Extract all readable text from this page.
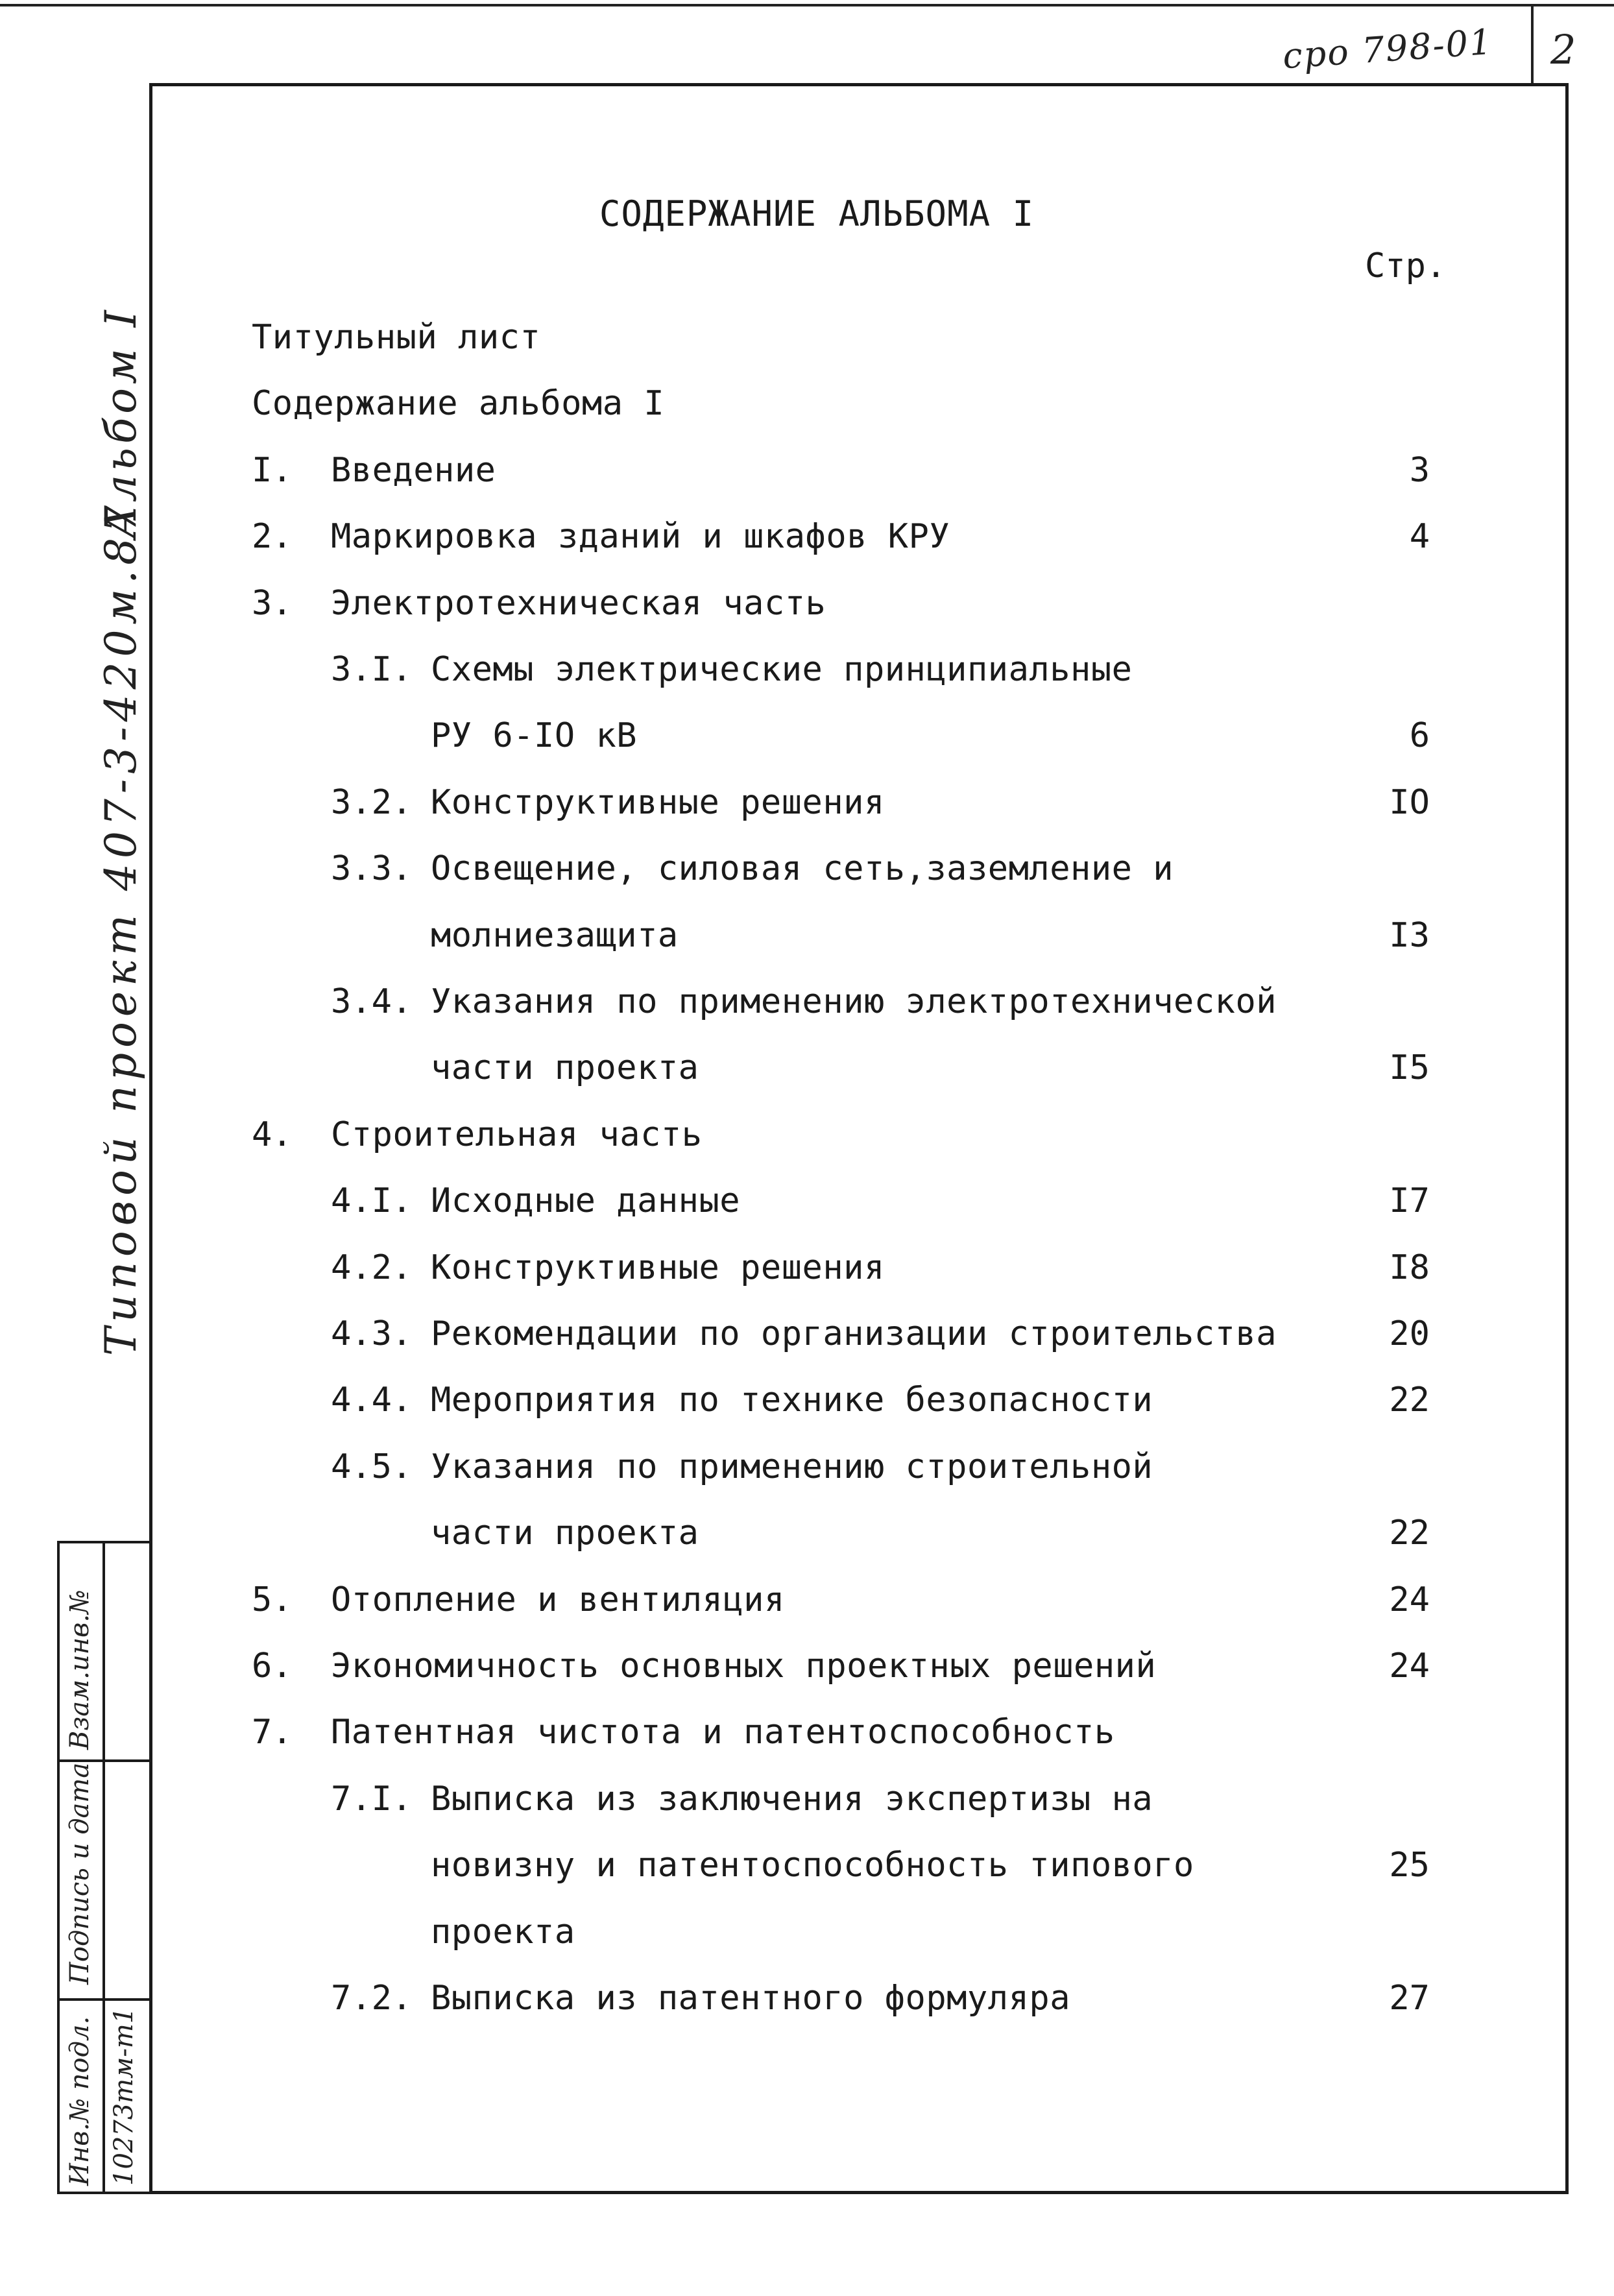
сро 798-01 2
Типовой проект 407-3-420м.87
Альбом I
Взам.инв.№
Подпись и дата
Инв.№ подл. 10273тм-т1
СОДЕРЖАНИЕ АЛЬБОМА I
Стр.
Титульный лист
Содержание альбома I
I. Введение	3
2. Маркировка зданий и шкафов КРУ	4
3. Электротехническая часть
3.I. Схемы электрические принципиальные
РУ 6-IO кВ	6
3.2. Конструктивные решения	IO
3.3. Освещение, силовая сеть,заземление и
молниезащита	I3
3.4. Указания по применению электротехнической
части проекта	I5
4. Строительная часть
4.I. Исходные данные	I7
4.2. Конструктивные решения	I8
4.3. Рекомендации по организации строительства	20
4.4. Мероприятия по технике безопасности	22
4.5. Указания по применению строительной
части проекта	22
5. Отопление и вентиляция	24
6. Экономичность основных проектных решений	24
7. Патентная чистота и патентоспособность
7.I. Выписка из заключения экспертизы на
новизну и патентоспособность типового	25
проекта
7.2. Выписка из патентного формуляра	27
